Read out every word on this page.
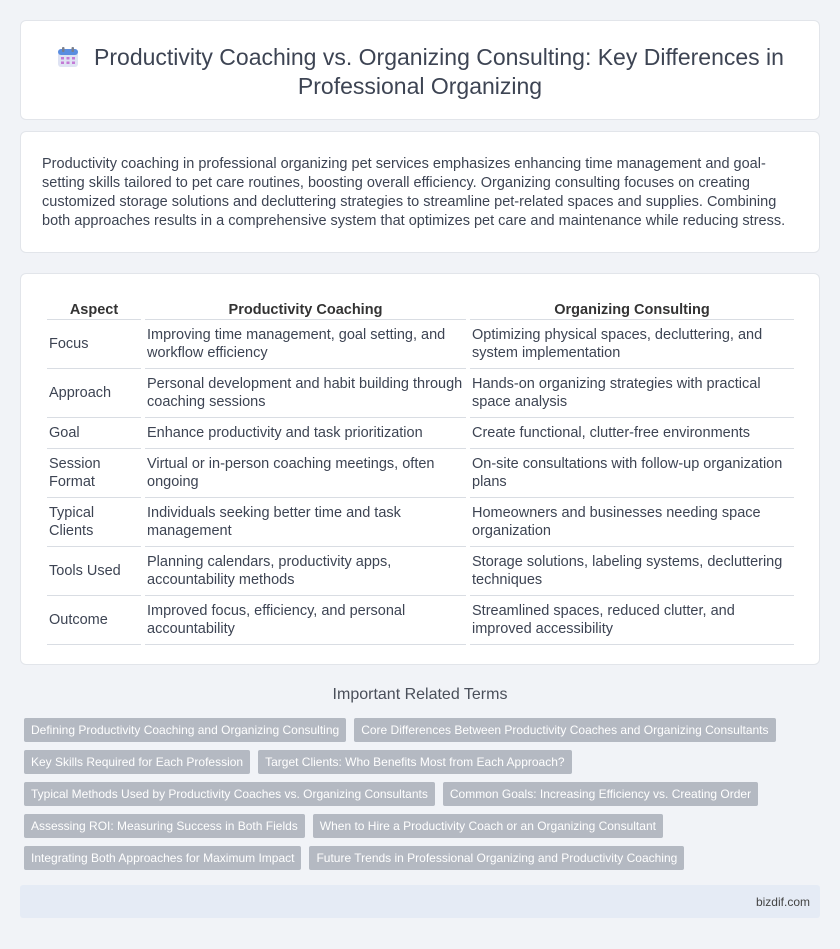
Productivity Coaching vs. Organizing Consulting: Key Differences in Professional Organizing

Productivity coaching in professional organizing pet services emphasizes enhancing time management and goal-setting skills tailored to pet care routines, boosting overall efficiency. Organizing consulting focuses on creating customized storage solutions and decluttering strategies to streamline pet-related spaces and supplies. Combining both approaches results in a comprehensive system that optimizes pet care and maintenance while reducing stress.

Aspect	Productivity Coaching	Organizing Consulting
Focus	Improving time management, goal setting, and workflow efficiency	Optimizing physical spaces, decluttering, and system implementation
Approach	Personal development and habit building through coaching sessions	Hands-on organizing strategies with practical space analysis
Goal	Enhance productivity and task prioritization	Create functional, clutter-free environments
Session Format	Virtual or in-person coaching meetings, often ongoing	On-site consultations with follow-up organization plans
Typical Clients	Individuals seeking better time and task management	Homeowners and businesses needing space organization
Tools Used	Planning calendars, productivity apps, accountability methods	Storage solutions, labeling systems, decluttering techniques
Outcome	Improved focus, efficiency, and personal accountability	Streamlined spaces, reduced clutter, and improved accessibility
Important Related Terms
Defining Productivity Coaching and Organizing Consulting	Core Differences Between Productivity Coaches and Organizing Consultants
Key Skills Required for Each Profession	Target Clients: Who Benefits Most from Each Approach?
Typical Methods Used by Productivity Coaches vs. Organizing Consultants	Common Goals: Increasing Efficiency vs. Creating Order
Assessing ROI: Measuring Success in Both Fields	When to Hire a Productivity Coach or an Organizing Consultant
Integrating Both Approaches for Maximum Impact	Future Trends in Professional Organizing and Productivity Coaching
bizdif.com
